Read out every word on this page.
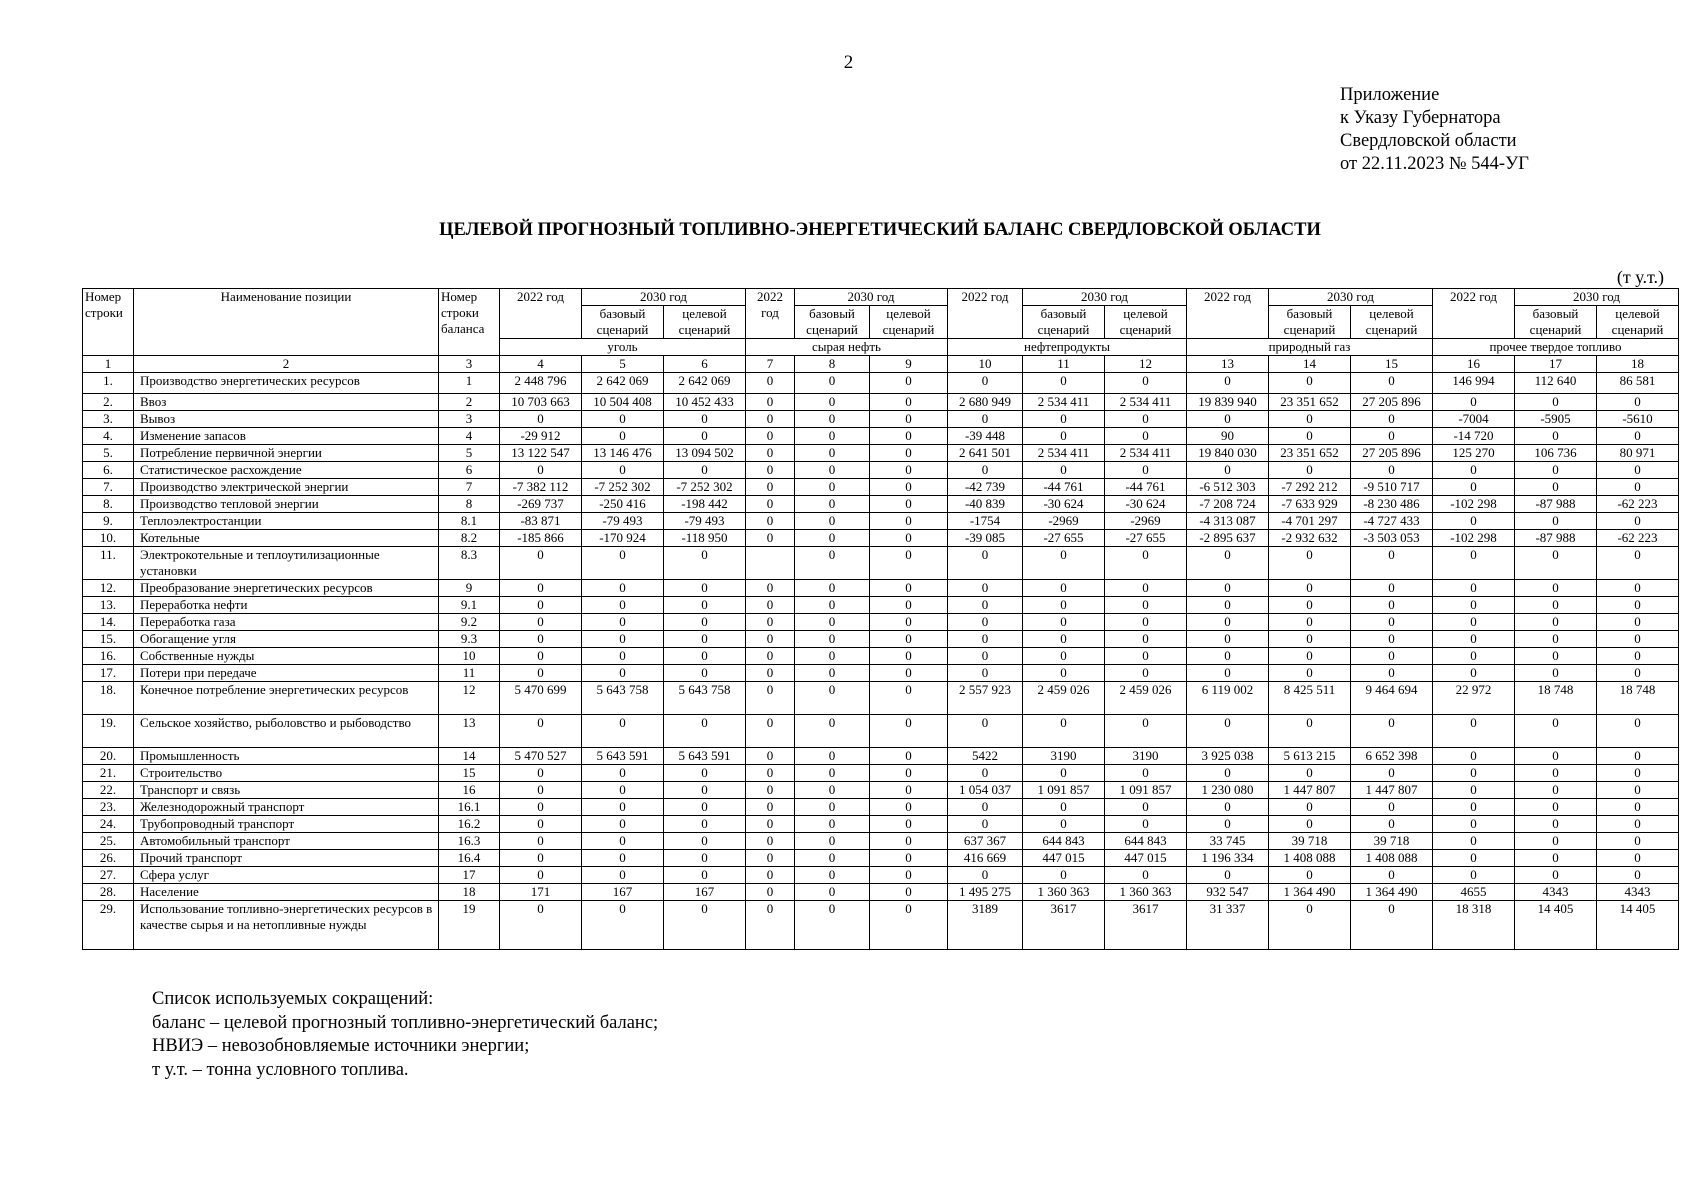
2
Приложение
к Указу Губернатора
Свердловской области
от 22.11.2023 № 544-УГ
ЦЕЛЕВОЙ ПРОГНОЗНЫЙ ТОПЛИВНО-ЭНЕРГЕТИЧЕСКИЙ БАЛАНС СВЕРДЛОВСКОЙ ОБЛАСТИ
(т у.т.)
Номер строки	Наименование позиции	Номер строки баланса	2022 год	2030 год		2022 год	2030 год		2022 год	2030 год		2022 год	2030 год		2022 год	2030 год	
				базовый сценарий	целевой сценарий		базовый сценарий	целевой сценарий		базовый сценарий	целевой сценарий		базовый сценарий	целевой сценарий		базовый сценарий	целевой сценарий
			уголь			сырая нефть			нефтепродукты			природный газ			прочее твердое топливо		
1	2	3	4	5	6	7	8	9	10	11	12	13	14	15	16	17	18
1.	Производство энергетических ресурсов	1	2 448 796	2 642 069	2 642 069	0	0	0	0	0	0	0	0	0	146 994	112 640	86 581
2.	Ввоз	2	10 703 663	10 504 408	10 452 433	0	0	0	2 680 949	2 534 411	2 534 411	19 839 940	23 351 652	27 205 896	0	0	0
3.	Вывоз	3	0	0	0	0	0	0	0	0	0	0	0	0	-7004	-5905	-5610
4.	Изменение запасов	4	-29 912	0	0	0	0	0	-39 448	0	0	90	0	0	-14 720	0	0
5.	Потребление первичной энергии	5	13 122 547	13 146 476	13 094 502	0	0	0	2 641 501	2 534 411	2 534 411	19 840 030	23 351 652	27 205 896	125 270	106 736	80 971
6.	Статистическое расхождение	6	0	0	0	0	0	0	0	0	0	0	0	0	0	0	0
7.	Производство электрической энергии	7	-7 382 112	-7 252 302	-7 252 302	0	0	0	-42 739	-44 761	-44 761	-6 512 303	-7 292 212	-9 510 717	0	0	0
8.	Производство тепловой энергии	8	-269 737	-250 416	-198 442	0	0	0	-40 839	-30 624	-30 624	-7 208 724	-7 633 929	-8 230 486	-102 298	-87 988	-62 223
9.	Теплоэлектростанции	8.1	-83 871	-79 493	-79 493	0	0	0	-1754	-2969	-2969	-4 313 087	-4 701 297	-4 727 433	0	0	0
10.	Котельные	8.2	-185 866	-170 924	-118 950	0	0	0	-39 085	-27 655	-27 655	-2 895 637	-2 932 632	-3 503 053	-102 298	-87 988	-62 223
11.	Электрокотельные и теплоутилизационные установки	8.3	0	0	0		0	0	0	0	0	0	0	0	0	0	0
12.	Преобразование энергетических ресурсов	9	0	0	0	0	0	0	0	0	0	0	0	0	0	0	0
13.	Переработка нефти	9.1	0	0	0	0	0	0	0	0	0	0	0	0	0	0	0
14.	Переработка газа	9.2	0	0	0	0	0	0	0	0	0	0	0	0	0	0	0
15.	Обогащение угля	9.3	0	0	0	0	0	0	0	0	0	0	0	0	0	0	0
16.	Собственные нужды	10	0	0	0	0	0	0	0	0	0	0	0	0	0	0	0
17.	Потери при передаче	11	0	0	0	0	0	0	0	0	0	0	0	0	0	0	0
18.	Конечное потребление энергетических ресурсов	12	5 470 699	5 643 758	5 643 758	0	0	0	2 557 923	2 459 026	2 459 026	6 119 002	8 425 511	9 464 694	22 972	18 748	18 748
19.	Сельское хозяйство, рыболовство и рыбоводство	13	0	0	0	0	0	0	0	0	0	0	0	0	0	0	0
20.	Промышленность	14	5 470 527	5 643 591	5 643 591	0	0	0	5422	3190	3190	3 925 038	5 613 215	6 652 398	0	0	0
21.	Строительство	15	0	0	0	0	0	0	0	0	0	0	0	0	0	0	0
22.	Транспорт и связь	16	0	0	0	0	0	0	1 054 037	1 091 857	1 091 857	1 230 080	1 447 807	1 447 807	0	0	0
23.	Железнодорожный транспорт	16.1	0	0	0	0	0	0	0	0	0	0	0	0	0	0	0
24.	Трубопроводный транспорт	16.2	0	0	0	0	0	0	0	0	0	0	0	0	0	0	0
25.	Автомобильный транспорт	16.3	0	0	0	0	0	0	637 367	644 843	644 843	33 745	39 718	39 718	0	0	0
26.	Прочий транспорт	16.4	0	0	0	0	0	0	416 669	447 015	447 015	1 196 334	1 408 088	1 408 088	0	0	0
27.	Сфера услуг	17	0	0	0	0	0	0	0	0	0	0	0	0	0	0	0
28.	Население	18	171	167	167	0	0	0	1 495 275	1 360 363	1 360 363	932 547	1 364 490	1 364 490	4655	4343	4343
29.	Использование топливно-энергетических ресурсов в качестве сырья и на нетопливные нужды	19	0	0	0	0	0	0	3189	3617	3617	31 337	0	0	18 318	14 405	14 405
Список используемых сокращений:
баланс – целевой прогнозный топливно-энергетический баланс;
НВИЭ – невозобновляемые источники энергии;
т у.т. – тонна условного топлива.
